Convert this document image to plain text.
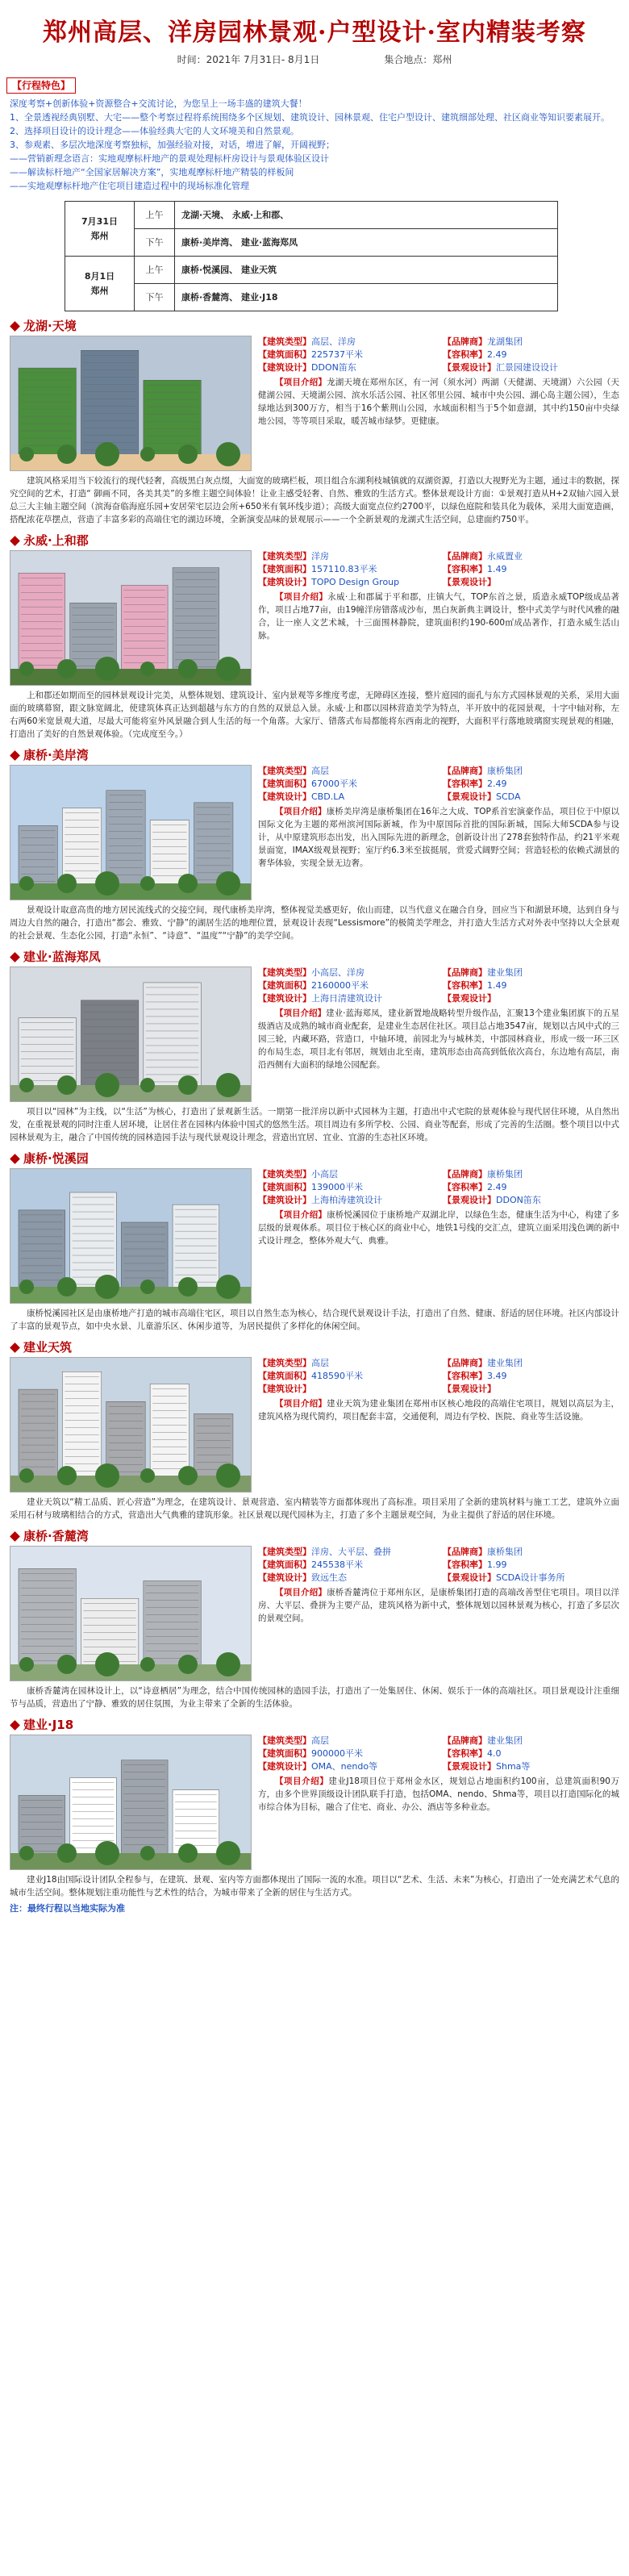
郑州高层、洋房园林景观·户型设计·室内精装考察
时间：2021年 7月31日- 8月1日	集合地点：郑州
【行程特色】

深度考察+创新体验+资源整合+交流讨论，为您呈上一场丰盛的建筑大餐！

1、全景透视经典别墅、大宅——整个考察过程将系统围绕多个区规划、建筑设计、园林景观、住宅户型设计、建筑细部处理、社区商业等知识要素展开。

2、选择项目设计的设计理念——体验经典大宅的人文环境美和自然景观。

3、参观素、多层次地深度考察独标，加强经验对接，对话，增进了解，开阔视野；

——营销新理念语言：实地观摩标杆地产的景观处理标杆房设计与景观体验区设计

——解读标杆地产“全国家居解决方案”，实地观摩标杆地产精装的样板间

——实地观摩标杆地产住宅项目建造过程中的现场标准化管理

7月31日
郑州	上午	龙湖·天境、 永威·上和郡、
	下午	康桥·美岸湾、 建业·蓝海郑凤
8月1日
郑州	上午	康桥·悦溪园、 建业天筑
	下午	康桥·香麓湾、 建业·J18
龙湖·天境
【建筑类型】高层、洋房	【品牌商】龙湖集团
【建筑面积】225737平米	【容积率】2.49
【建筑设计】DDON笛东	【景观设计】汇景园建设设计
【项目介绍】龙湖天境在郑州东区，有一河（须水河）两湖（天健湖、天境湖）六公园（天健湖公园、天境湖公园、滨水乐活公园、社区邻里公园、城市中央公园、湖心岛主题公园），生态绿地达到300万方，相当于16个紫荆山公园，水域面积相当于5个如意湖，其中约150亩中央绿地公园，等等项目采取，暖苦城市绿梦。更健康。
建筑风格采用当下较流行的现代轻奢，高级黑白灰点缀，大面宽的玻璃栏板，项目组合东湖利枝城镇就的双湖资源，打造以大视野光为主题，通过丰的数据，探究空间的艺术，打造“ 御画不同，各美其美”的多维主题空间体验！让业主感受轻奢、自然、雅致的生活方式。整体景观设计方面：①景观打造从H+2双轴六园入景总三大主轴主题空间（滨海奋临海庭乐园+安居荣宅层边会所+650米有氧环线步道）；高级大面宽点位约2700平，以绿色庭院和装具化为载体，采用大面宽造画，搭配浓花草摆点，营造了丰富多彩的高端住宅的湖边环境，全新演变品味的景观展示——一个全新景观的龙湖式生活空间，总建面约750平。
永威·上和郡
【建筑类型】洋房	【品牌商】永威置业
【建筑面积】157110.83平米	【容积率】1.49
【建筑设计】TOPO Design Group	【景观设计】
【项目介绍】永威·上和郡属于平和郡，庄镇大气，TOP东首之景，质造永威TOP级成品著作，项目占地77亩，由19幢洋房错落成沙布，黑白灰新典主调设计，整中式美学与时代风雅的融合，让一座人文艺术城，十三面围林静院，建筑面积约190-600㎡成品著作，打造永威生活山脉。
上和郡还如期而至的园林景观设计完美，从整体规划、建筑设计、室内景观等多维度考虑，无障碍区连接，整片庭园的面孔与东方式园林景观的关系，采用大面面的玻璃幕窗，跟文脉宽阔北，使建筑体真正达到超越与东方的自然的双景总入景。永威·上和郡以园林营造美学为特点，半开放中的花园景观，十字中轴对称，左右两60米宽景观大道，尽最大可能将室外风景融合到人生活的每一个角落。大家厅、错落式布局都能将东西南北的视野，大面积平行落地玻璃窗实现景观的相融，打造出了美好的自然景观体验。（完成度至今。）
康桥·美岸湾
【建筑类型】高层	【品牌商】康桥集团
【建筑面积】67000平米	【容积率】2.49
【建筑设计】CBD.LA	【景观设计】SCDA
【项目介绍】康桥美岸湾是康桥集团在16年之大成、TOP系首宏演豪作品，项目位于中原以国际文化为主题的郑州滨河国际新城，作为中原国际首批的国际新城，国际大师SCDA参与设计，从中原建筑形态出发，出入国际先进的新理念，创新设计出了278套独特作品，约21平米观景面宽，IMAX级观景视野；室厅约6.3米至拔挺展，赏爱式阔野空间；营造轻松的依赖式湖景的奢华体验，实现全景无边奢。
景观设计取意高贵的地方居民流线式的交接空间，现代康桥美岸湾，整体视觉美感更好，依山而建，以当代意义在融合自身，回应当下和湖景环境，达到自身与周边大自然的融合，打造出“都会、雅致、宁静”的湖居生活的地理位置，景观设计表现“Lessismore”的极简美学理念，并打造大生活方式对外表中坚持以大全景观的社会景观、生态化公园，打造“永恒”、“诗意”、“温度”“宁静”的美学空间。
建业·蓝海郑凤
【建筑类型】小高层、洋房	【品牌商】建业集团
【建筑面积】2160000平米	【容积率】1.49
【建筑设计】上海日清建筑设计	【景观设计】
【项目介绍】建业·蓝海郑凤，建业新置地战略转型升级作品，汇聚13个建业集团旗下的五星级酒店及成熟的城市商业配套，是建业生态居住社区。项目总占地3547亩，规划以古风中式的三园三轮，内藏环路，营造口，中轴环境，前园北为与城林美，中部园林商业，形成一级一环三区的布局生态，项目北有邻居，规划由北至南，建筑形态由高高到低依次高台，东边地有高层，南沿西侧有大面积的绿地公园配套。
项目以“园林”为主线，以“生活”为核心，打造出了景观新生活。一期第一批洋房以新中式园林为主题，打造出中式宅院的景观体验与现代居住环境，从自然出发，在重视景观的同时注重人居环境，让居住者在园林内体验中国式的悠然生活。项目周边有多所学校、公园、商业等配套，形成了完善的生活圈。整个项目以中式园林景观为主，融合了中国传统的园林造园手法与现代景观设计理念，营造出宜居、宜业、宜游的生态社区环境。
康桥·悦溪园
【建筑类型】小高层	【品牌商】康桥集团
【建筑面积】139000平米	【容积率】2.49
【建筑设计】上海柏涛建筑设计	【景观设计】DDON笛东
【项目介绍】康桥悦溪园位于康桥地产双湖北岸，以绿色生态，健康生活为中心，构建了多层级的景观体系。项目位于核心区的商业中心，地铁1号线的交汇点，建筑立面采用浅色调的新中式设计理念，整体外观大气、典雅。
康桥悦溪园社区是由康桥地产打造的城市高端住宅区，项目以自然生态为核心，结合现代景观设计手法，打造出了自然、健康、舒适的居住环境。社区内部设计了丰富的景观节点，如中央水景、儿童游乐区、休闲步道等，为居民提供了多样化的休闲空间。
建业天筑
【建筑类型】高层	【品牌商】建业集团
【建筑面积】418590平米	【容积率】3.49
【建筑设计】	【景观设计】
【项目介绍】建业天筑为建业集团在郑州市区核心地段的高端住宅项目，规划以高层为主，建筑风格为现代简约，项目配套丰富，交通便利，周边有学校、医院、商业等生活设施。
建业天筑以“精工品质、匠心营造”为理念，在建筑设计、景观营造、室内精装等方面都体现出了高标准。项目采用了全新的建筑材料与施工工艺，建筑外立面采用石材与玻璃相结合的方式，营造出大气典雅的建筑形象。社区景观以现代园林为主，打造了多个主题景观空间，为业主提供了舒适的居住环境。
康桥·香麓湾
【建筑类型】洋房、大平层、叠拼	【品牌商】康桥集团
【建筑面积】245538平米	【容积率】1.99
【建筑设计】致远生态	【景观设计】SCDA设计事务所
【项目介绍】康桥香麓湾位于郑州东区，是康桥集团打造的高端改善型住宅项目。项目以洋房、大平层、叠拼为主要产品，建筑风格为新中式，整体规划以园林景观为核心，打造了多层次的景观空间。
康桥香麓湾在园林设计上，以“诗意栖居”为理念，结合中国传统园林的造园手法，打造出了一处集居住、休闲、娱乐于一体的高端社区。项目景观设计注重细节与品质，营造出了宁静、雅致的居住氛围，为业主带来了全新的生活体验。
建业·J18
【建筑类型】高层	【品牌商】建业集团
【建筑面积】900000平米	【容积率】4.0
【建筑设计】OMA、nendo等	【景观设计】Shma等
【项目介绍】建业J18项目位于郑州金水区，规划总占地面积约100亩，总建筑面积90万方，由多个世界顶级设计团队联手打造，包括OMA、nendo、Shma等，项目以打造国际化的城市综合体为目标，融合了住宅、商业、办公、酒店等多种业态。
建业J18由国际设计团队全程参与，在建筑、景观、室内等方面都体现出了国际一流的水准。项目以“艺术、生活、未来”为核心，打造出了一处充满艺术气息的城市生活空间。整体规划注重功能性与艺术性的结合，为城市带来了全新的居住与生活方式。
注：最终行程以当地实际为准
